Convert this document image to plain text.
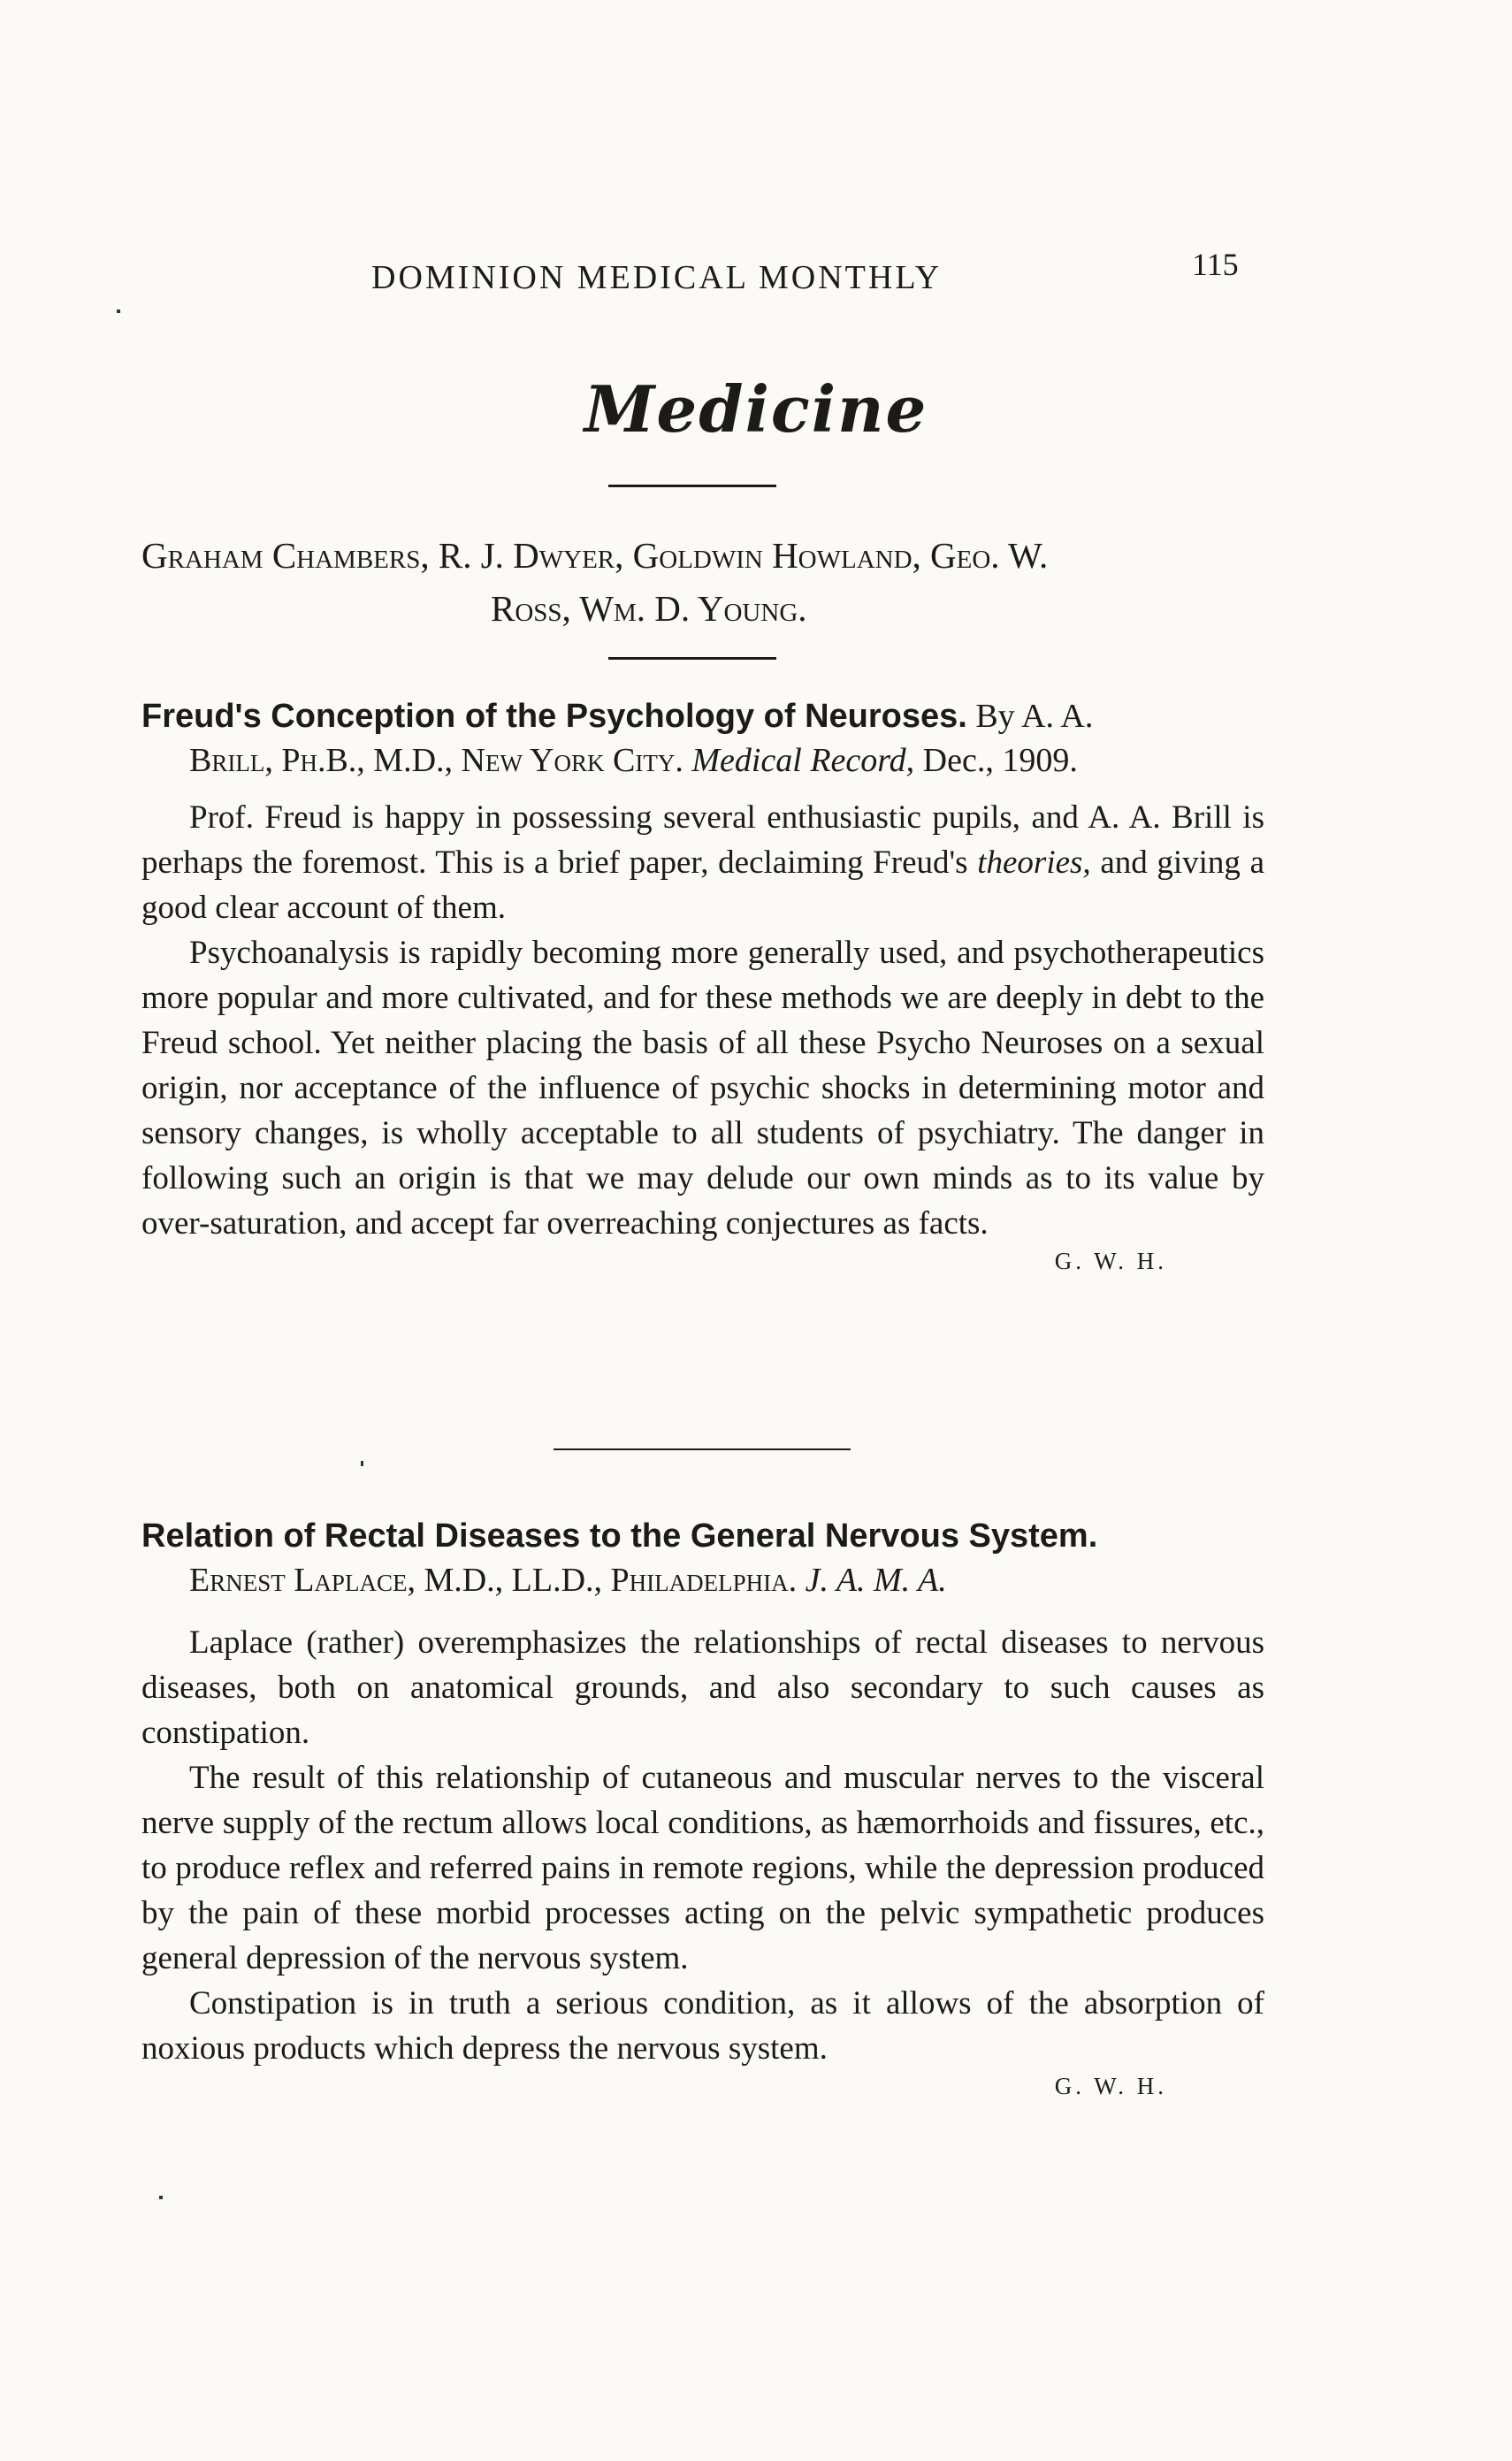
DOMINION MEDICAL MONTHLY	115
Medicine
Graham Chambers, R. J. Dwyer, Goldwin Howland, Geo. W.
Ross, Wm. D. Young.
Freud's Conception of the Psychology of Neuroses. By A. A.
Brill, Ph.B., M.D., New York City. Medical Record, Dec., 1909.

Prof. Freud is happy in possessing several enthusiastic pupils, and A. A. Brill is perhaps the foremost. This is a brief paper, declaiming Freud's theories, and giving a good clear account of them.

Psychoanalysis is rapidly becoming more generally used, and psychotherapeutics more popular and more cultivated, and for these methods we are deeply in debt to the Freud school. Yet neither placing the basis of all these Psycho Neuroses on a sexual origin, nor acceptance of the influence of psychic shocks in determining motor and sensory changes, is wholly acceptable to all students of psychiatry. The danger in following such an origin is that we may delude our own minds as to its value by over-saturation, and accept far overreaching conjectures as facts.

G. W. H.
Relation of Rectal Diseases to the General Nervous System.
Ernest Laplace, M.D., LL.D., Philadelphia. J. A. M. A.

Laplace (rather) overemphasizes the relationships of rectal diseases to nervous diseases, both on anatomical grounds, and also secondary to such causes as constipation.

The result of this relationship of cutaneous and muscular nerves to the visceral nerve supply of the rectum allows local conditions, as hæmorrhoids and fissures, etc., to produce reflex and referred pains in remote regions, while the depression produced by the pain of these morbid processes acting on the pelvic sympathetic produces general depression of the nervous system.

Constipation is in truth a serious condition, as it allows of the absorption of noxious products which depress the nervous system.

G. W. H.
